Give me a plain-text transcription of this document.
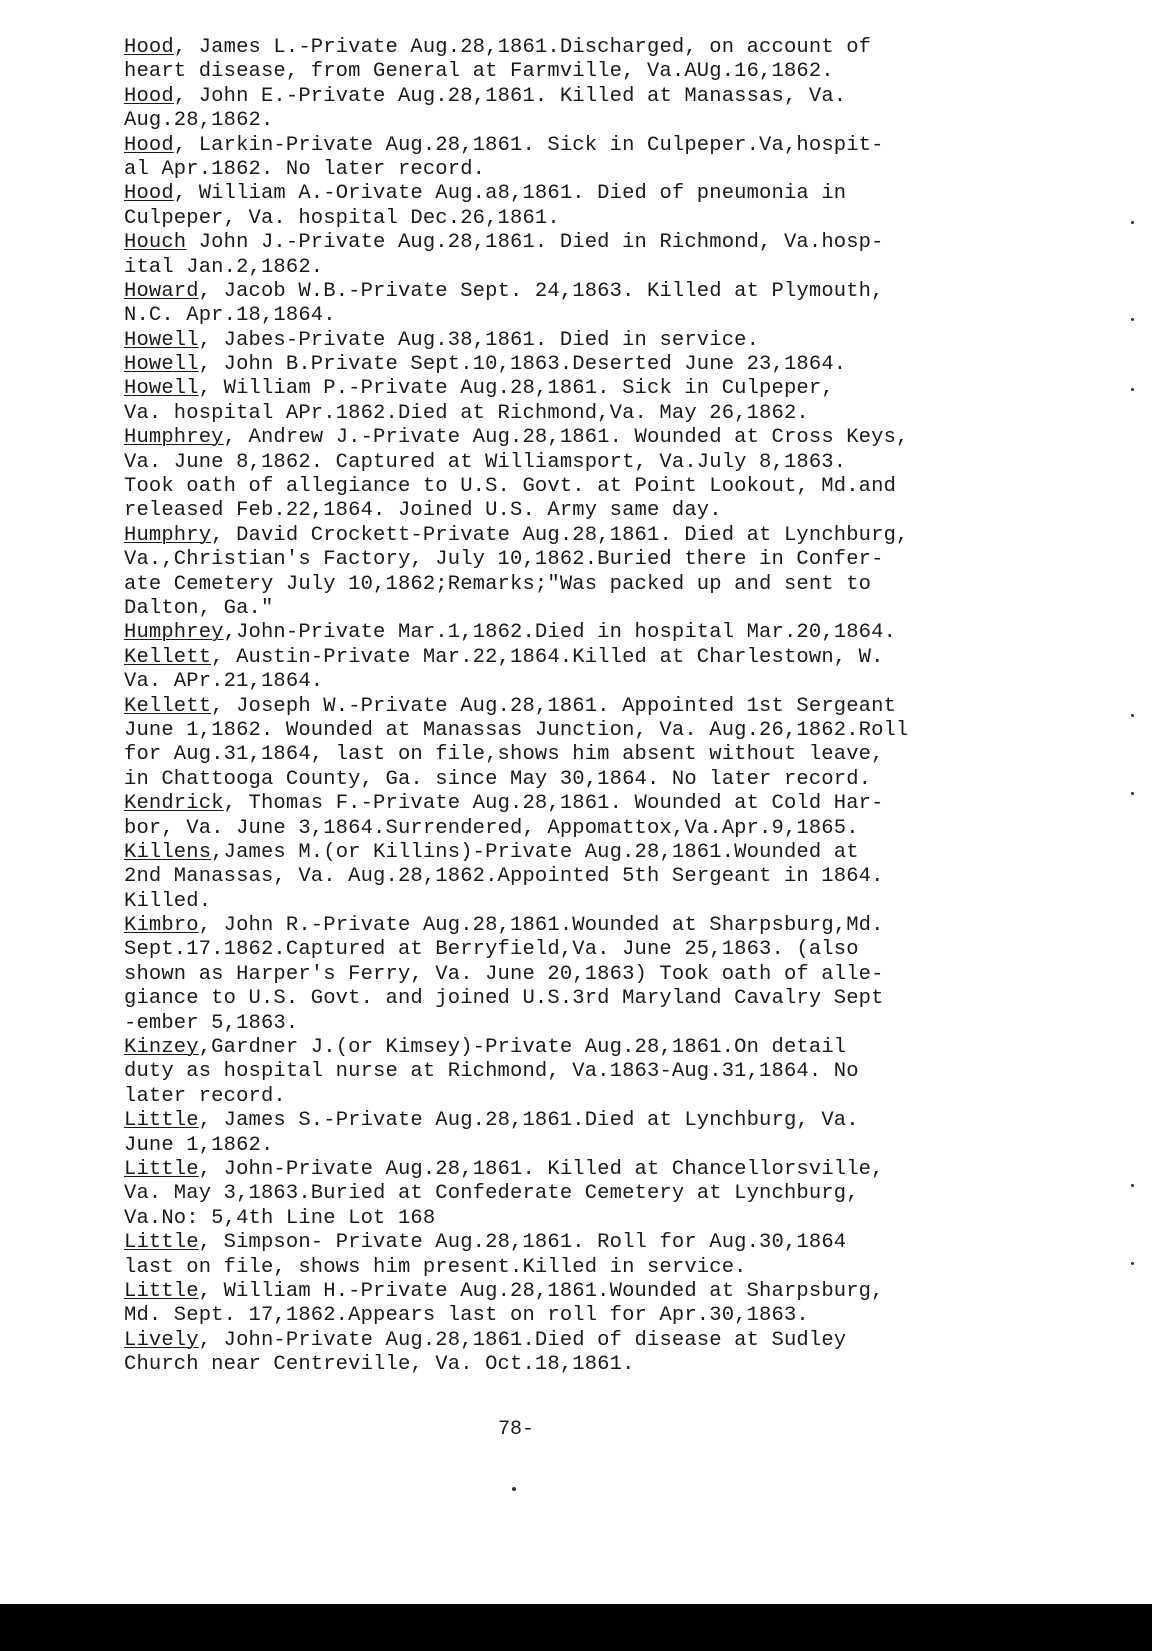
Hood, James L.-Private Aug.28,1861.Discharged, on account of
heart disease, from General at Farmville, Va.AUg.16,1862.
Hood, John E.-Private Aug.28,1861. Killed at Manassas, Va.
Aug.28,1862.
Hood, Larkin-Private Aug.28,1861. Sick in Culpeper.Va,hospit-
al Apr.1862. No later record.
Hood, William A.-Orivate Aug.a8,1861. Died of pneumonia in
Culpeper, Va. hospital Dec.26,1861.
Houch John J.-Private Aug.28,1861. Died in Richmond, Va.hosp-
ital Jan.2,1862.
Howard, Jacob W.B.-Private Sept. 24,1863. Killed at Plymouth,
N.C. Apr.18,1864.
Howell, Jabes-Private Aug.38,1861. Died in service.
Howell, John B.Private Sept.10,1863.Deserted June 23,1864.
Howell, William P.-Private Aug.28,1861. Sick in Culpeper,
Va. hospital APr.1862.Died at Richmond,Va. May 26,1862.
Humphrey, Andrew J.-Private Aug.28,1861. Wounded at Cross Keys,
Va. June 8,1862. Captured at Williamsport, Va.July 8,1863.
Took oath of allegiance to U.S. Govt. at Point Lookout, Md.and
released Feb.22,1864. Joined U.S. Army same day.
Humphry, David Crockett-Private Aug.28,1861. Died at Lynchburg,
Va.,Christian's Factory, July 10,1862.Buried there in Confer-
ate Cemetery July 10,1862;Remarks;"Was packed up and sent to
Dalton, Ga."
Humphrey,John-Private Mar.1,1862.Died in hospital Mar.20,1864.
Kellett, Austin-Private Mar.22,1864.Killed at Charlestown, W.
Va. APr.21,1864.
Kellett, Joseph W.-Private Aug.28,1861. Appointed 1st Sergeant
June 1,1862. Wounded at Manassas Junction, Va. Aug.26,1862.Roll
for Aug.31,1864, last on file,shows him absent without leave,
in Chattooga County, Ga. since May 30,1864. No later record.
Kendrick, Thomas F.-Private Aug.28,1861. Wounded at Cold Har-
bor, Va. June 3,1864.Surrendered, Appomattox,Va.Apr.9,1865.
Killens,James M.(or Killins)-Private Aug.28,1861.Wounded at
2nd Manassas, Va. Aug.28,1862.Appointed 5th Sergeant in 1864.
Killed.
Kimbro, John R.-Private Aug.28,1861.Wounded at Sharpsburg,Md.
Sept.17.1862.Captured at Berryfield,Va. June 25,1863. (also
shown as Harper's Ferry, Va. June 20,1863) Took oath of alle-
giance to U.S. Govt. and joined U.S.3rd Maryland Cavalry Sept
-ember 5,1863.
Kinzey,Gardner J.(or Kimsey)-Private Aug.28,1861.On detail
duty as hospital nurse at Richmond, Va.1863-Aug.31,1864. No
later record.
Little, James S.-Private Aug.28,1861.Died at Lynchburg, Va.
June 1,1862.
Little, John-Private Aug.28,1861. Killed at Chancellorsville,
Va. May 3,1863.Buried at Confederate Cemetery at Lynchburg,
Va.No: 5,4th Line Lot 168
Little, Simpson- Private Aug.28,1861. Roll for Aug.30,1864
last on file, shows him present.Killed in service.
Little, William H.-Private Aug.28,1861.Wounded at Sharpsburg,
Md. Sept. 17,1862.Appears last on roll for Apr.30,1863.
Lively, John-Private Aug.28,1861.Died of disease at Sudley
Church near Centreville, Va. Oct.18,1861.
78-
